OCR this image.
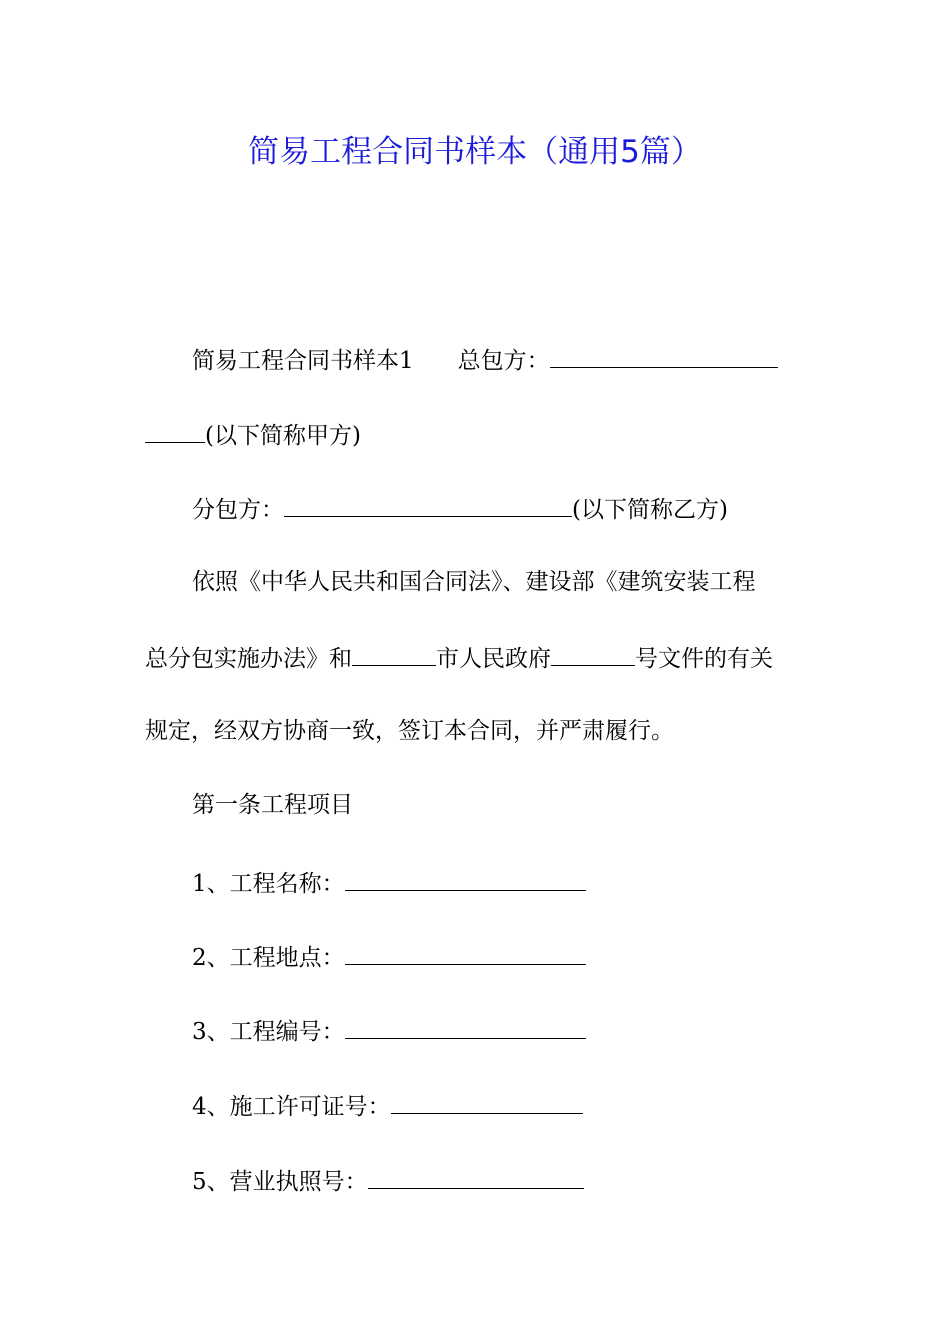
简易工程合同书样本（通用5篇）
简易工程合同书样本1 总包方：
(以下简称甲方)
分包方：	(以下简称乙方)
依照《中华人民共和国合同法》、建设部《建筑安装工程
总分包实施办法》和	市人民政府	号文件的有关
规定，经双方协商一致，签订本合同，并严肃履行。
第一条工程项目
1、工程名称：
2、工程地点：
3、工程编号：
4、施工许可证号：
5、营业执照号：
